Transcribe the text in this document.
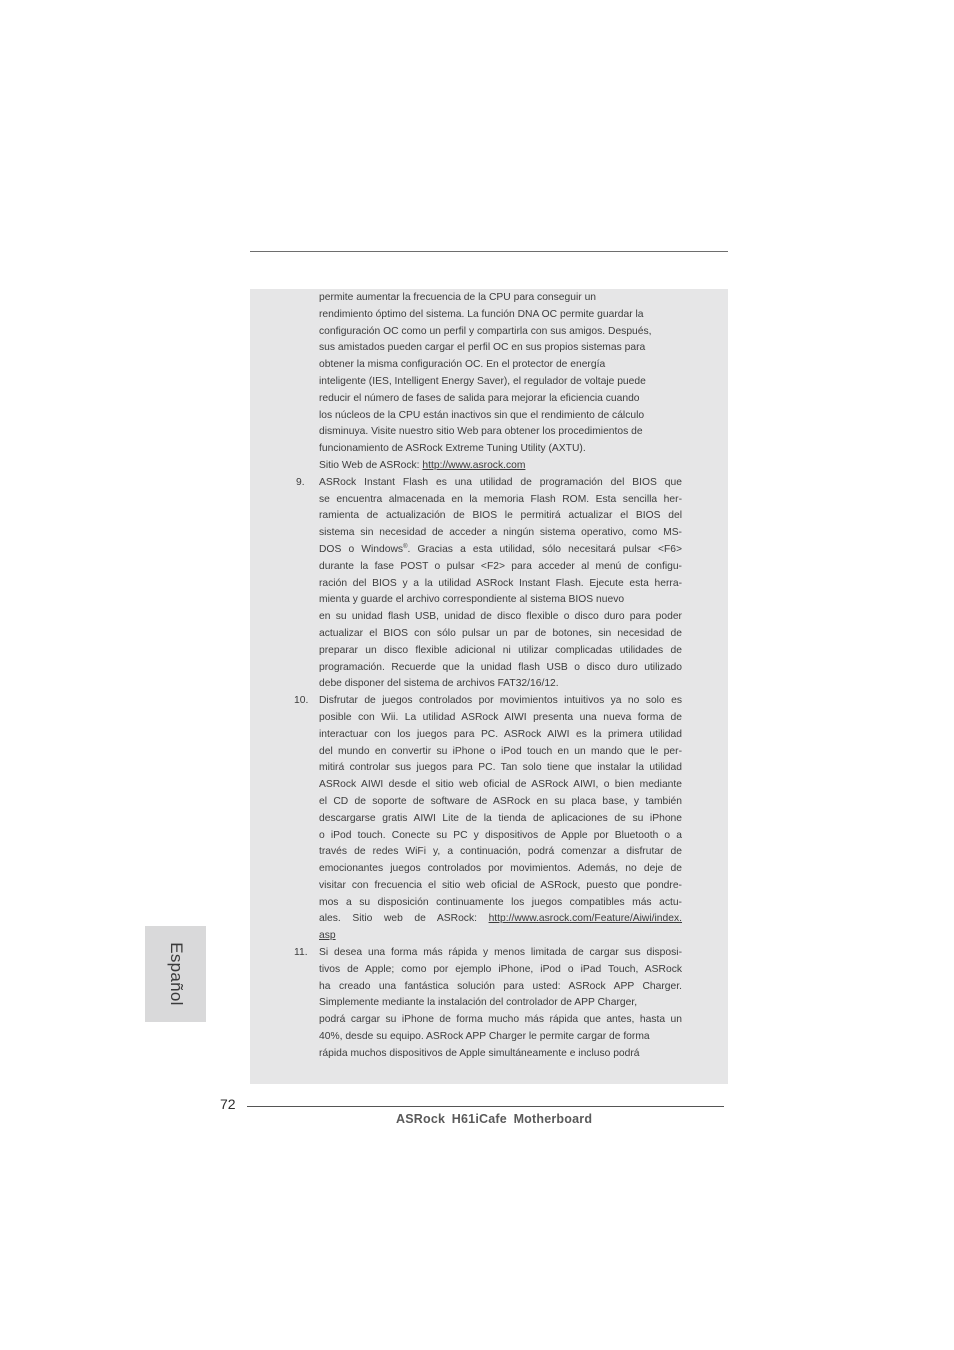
permite aumentar la frecuencia de la CPU para conseguir un
rendimiento óptimo del sistema. La función DNA OC permite guardar la
configuración OC como un perfil y compartirla con sus amigos. Después,
sus amistados pueden cargar el perfil OC en sus propios sistemas para
obtener la misma configuración OC. En el protector de energía
inteligente (IES, Intelligent Energy Saver), el regulador de voltaje puede
reducir el número de fases de salida para mejorar la eficiencia cuando
los núcleos de la CPU están inactivos sin que el rendimiento de cálculo
disminuya. Visite nuestro sitio Web para obtener los procedimientos de
funcionamiento de ASRock Extreme Tuning Utility (AXTU).
Sitio Web de ASRock: http://www.asrock.com
9.	ASRock Instant Flash es una utilidad de programación del BIOS que
se encuentra almacenada en la memoria Flash ROM. Esta sencilla her-
ramienta de actualización de BIOS le permitirá actualizar el BIOS del
sistema sin necesidad de acceder a ningún sistema operativo, como MS-
DOS o Windows®. Gracias a esta utilidad, sólo necesitará pulsar <F6>
durante la fase POST o pulsar <F2> para acceder al menú de configu-
ración del BIOS y a la utilidad ASRock Instant Flash. Ejecute esta herra-
mienta y guarde el archivo correspondiente al sistema BIOS nuevo
en su unidad flash USB, unidad de disco flexible o disco duro para poder
actualizar el BIOS con sólo pulsar un par de botones, sin necesidad de
preparar un disco flexible adicional ni utilizar complicadas utilidades de
programación. Recuerde que la unidad flash USB o disco duro utilizado
debe disponer del sistema de archivos FAT32/16/12.
10.	Disfrutar de juegos controlados por movimientos intuitivos ya no solo es
posible con Wii. La utilidad ASRock AIWI presenta una nueva forma de
interactuar con los juegos para PC. ASRock AIWI es la primera utilidad
del mundo en convertir su iPhone o iPod touch en un mando que le per-
mitirá controlar sus juegos para PC. Tan solo tiene que instalar la utilidad
ASRock AIWI desde el sitio web oficial de ASRock AIWI, o bien mediante
el CD de soporte de software de ASRock en su placa base, y también
descargarse gratis AIWI Lite de la tienda de aplicaciones de su iPhone
o iPod touch. Conecte su PC y dispositivos de Apple por Bluetooth o a
través de redes WiFi y, a continuación, podrá comenzar a disfrutar de
emocionantes juegos controlados por movimientos. Además, no deje de
visitar con frecuencia el sitio web oficial de ASRock, puesto que pondre-
mos a su disposición continuamente los juegos compatibles más actu-
ales. Sitio web de ASRock: http://www.asrock.com/Feature/Aiwi/index.
asp
11.	Si desea una forma más rápida y menos limitada de cargar sus disposi-
tivos de Apple; como por ejemplo iPhone, iPod o iPad Touch, ASRock
ha creado una fantástica solución para usted: ASRock APP Charger.
Simplemente mediante la instalación del controlador de APP Charger,
podrá cargar su iPhone de forma mucho más rápida que antes, hasta un
40%, desde su equipo. ASRock APP Charger le permite cargar de forma
rápida muchos dispositivos de Apple simultáneamente e incluso podrá
Español
72
ASRock H61iCafe Motherboard
